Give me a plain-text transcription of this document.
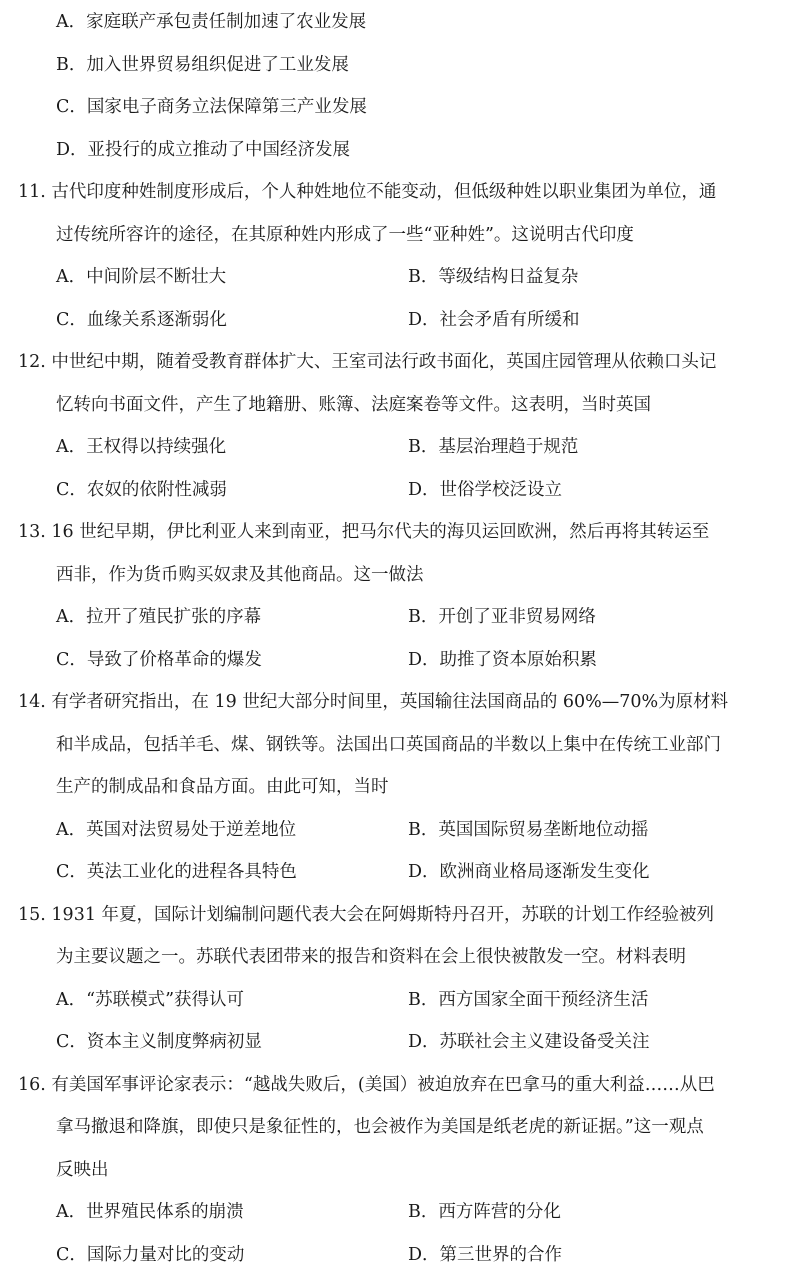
A．家庭联产承包责任制加速了农业发展
B．加入世界贸易组织促进了工业发展
C．国家电子商务立法保障第三产业发展
D．亚投行的成立推动了中国经济发展
11. 古代印度种姓制度形成后，个人种姓地位不能变动，但低级种姓以职业集团为单位，通
过传统所容许的途径，在其原种姓内形成了一些“亚种姓”。这说明古代印度
A．中间阶层不断壮大	B．等级结构日益复杂
C．血缘关系逐渐弱化	D．社会矛盾有所缓和
12. 中世纪中期，随着受教育群体扩大、王室司法行政书面化，英国庄园管理从依赖口头记
忆转向书面文件，产生了地籍册、账簿、法庭案卷等文件。这表明，当时英国
A．王权得以持续强化	B．基层治理趋于规范
C．农奴的依附性减弱	D．世俗学校泛设立
13. 16 世纪早期，伊比利亚人来到南亚，把马尔代夫的海贝运回欧洲，然后再将其转运至
西非，作为货币购买奴隶及其他商品。这一做法
A．拉开了殖民扩张的序幕	B．开创了亚非贸易网络
C．导致了价格革命的爆发	D．助推了资本原始积累
14. 有学者研究指出，在 19 世纪大部分时间里，英国输往法国商品的 60%—70%为原材料
和半成品，包括羊毛、煤、钢铁等。法国出口英国商品的半数以上集中在传统工业部门
生产的制成品和食品方面。由此可知，当时
A．英国对法贸易处于逆差地位	B．英国国际贸易垄断地位动摇
C．英法工业化的进程各具特色	D．欧洲商业格局逐渐发生变化
15. 1931 年夏，国际计划编制问题代表大会在阿姆斯特丹召开，苏联的计划工作经验被列
为主要议题之一。苏联代表团带来的报告和资料在会上很快被散发一空。材料表明
A．“苏联模式”获得认可	B．西方国家全面干预经济生活
C．资本主义制度弊病初显	D．苏联社会主义建设备受关注
16. 有美国军事评论家表示：“越战失败后，(美国）被迫放弃在巴拿马的重大利益……从巴
拿马撤退和降旗，即使只是象征性的，也会被作为美国是纸老虎的新证据。”这一观点
反映出
A．世界殖民体系的崩溃	B．西方阵营的分化
C．国际力量对比的变动	D．第三世界的合作
